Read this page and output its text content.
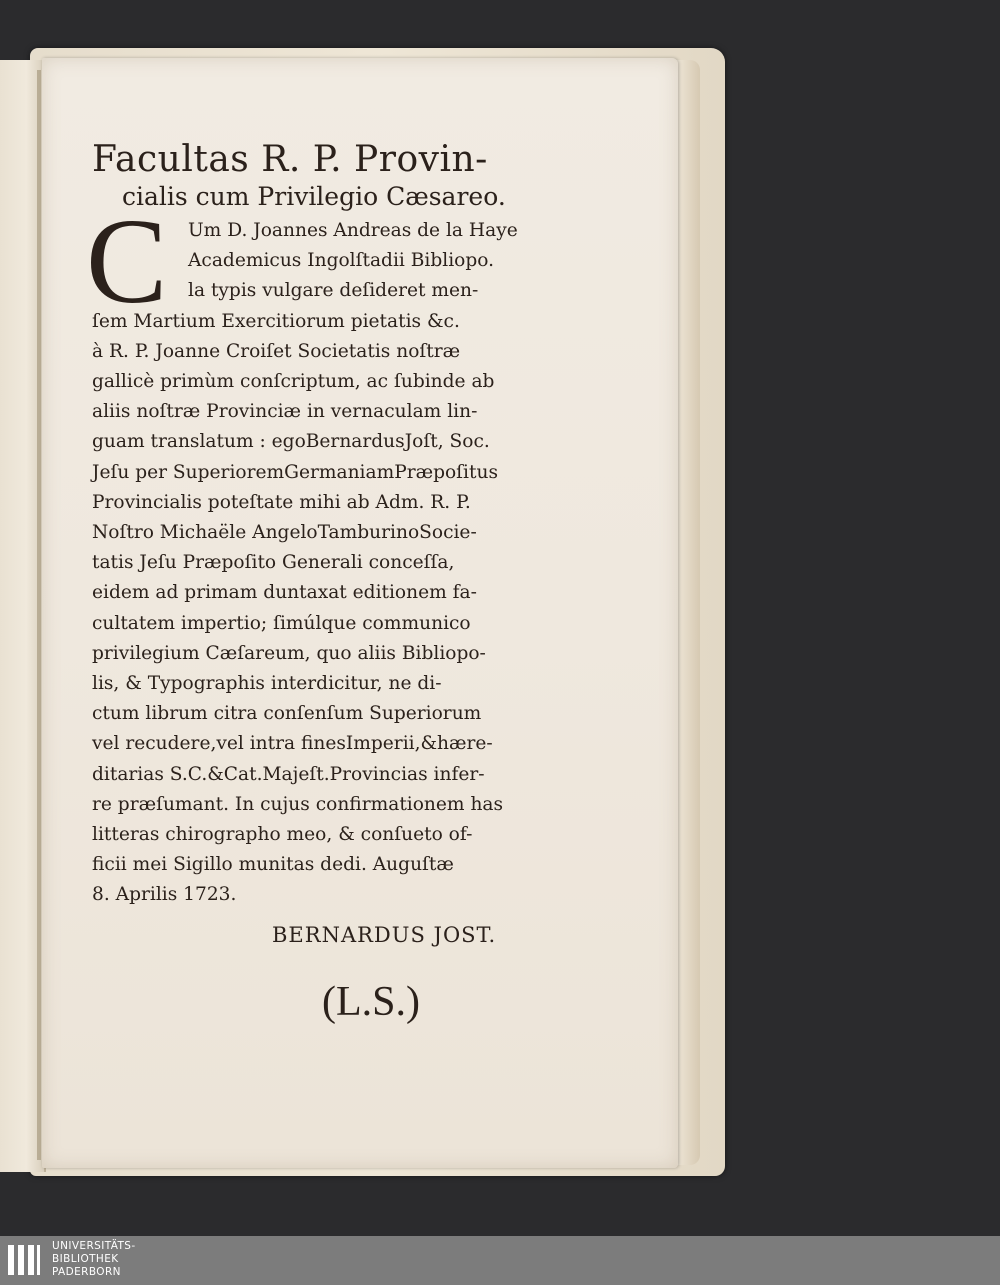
Facultas R. P. Provin-
cialis cum Privilegio Cæsareo.
C	Um D. Joannes Andreas de la Haye
Academicus Ingolſtadii Bibliopo.
la typis vulgare deſideret men-
ſem Martium Exercitiorum pietatis &c.
à R. P. Joanne Croiſet Societatis noſtræ
gallicè primùm conſcriptum, ac ſubinde ab
aliis noſtræ Provinciæ in vernaculam lin-
guam translatum : egoBernardusJoſt, Soc.
Jeſu per SuperioremGermaniamPræpoſitus
Provincialis poteſtate mihi ab Adm. R. P.
Noſtro Michaële AngeloTamburinoSocie-
tatis Jeſu Præpoſito Generali conceſſa,
eidem ad primam duntaxat editionem fa-
cultatem impertio; ſimúlque communico
privilegium Cæſareum, quo aliis Bibliopo-
lis, & Typographis interdicitur, ne di-
ctum librum citra conſenſum Superiorum
vel recudere,vel intra finesImperii,&hære-
ditarias S.C.&Cat.Majeſt.Provincias infer-
re præſumant. In cujus confirmationem has
litteras chirographo meo, & conſueto of-
ficii mei Sigillo munitas dedi. Auguſtæ
8. Aprilis 1723.
BERNARDUS JOST.
(L.S.)
UNIVERSITÄTS-
BIBLIOTHEK
PADERBORN
